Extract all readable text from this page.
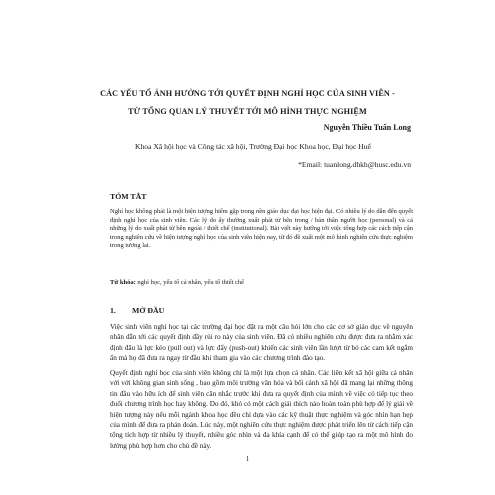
CÁC YẾU TỐ ẢNH HƯỞNG TỚI QUYẾT ĐỊNH NGHỈ HỌC CỦA SINH VIÊN -
TỪ TỔNG QUAN LÝ THUYẾT TỚI MÔ HÌNH THỰC NGHIỆM
Nguyễn Thiều Tuấn Long
Khoa Xã hội học và Công tác xã hội, Trường Đại học Khoa học, Đại học Huế
*Email: tuanlong.dhkh@husc.edu.vn
TÓM TẮT
Nghỉ học không phải là một hiện tượng hiếm gặp trong nền giáo dục đại học hiện đại. Có nhiều lý do dẫn đến quyết định nghỉ học của sinh viên. Các lý do ấy thường xuất phát từ bên trong / bản thân người học (personal) và cả những lý do xuất phát từ bên ngoài / thiết chế (institutional). Bài viết này hướng tới việc tổng hợp các cách tiếp cận trong nghiên cứu về hiện tượng nghỉ học của sinh viên hiện nay, từ đó đề xuất một mô hình nghiên cứu thực nghiệm trong tương lai.
Từ khóa: nghỉ học, yếu tố cá nhân, yếu tố thiết chế
1. MỞ ĐẦU
Việc sinh viên nghỉ học tại các trường đại học đặt ra một câu hỏi lớn cho các cơ sở giáo dục về nguyên nhân dẫn tới các quyết định đầy rủi ro này của sinh viên. Đã có nhiều nghiên cứu được đưa ra nhằm xác định đâu là lực kéo (pull out) và lực đẩy (push-out) khiến các sinh viên lần lượt từ bỏ các cam kết ngắm ấn mà họ đã đưa ra ngay từ đầu khi tham gia vào các chương trình đào tạo.
Quyết định nghỉ học của sinh viên không chỉ là một lựa chọn cá nhân. Các liên kết xã hội giữa cá nhân với với không gian sinh sống , bao gồm môi trường văn hóa và bối cảnh xã hội đã mang lại những thông tin đầu vào hữu ích để sinh viên cân nhắc trước khi đưa ra quyết định của mình về việc có tiếp tục theo đuổi chương trình học hay không. Do đó, khó có một cách giải thích nào hoàn toàn phù hợp để lý giải về hiện tượng này nếu mỗi ngành khoa học đều chỉ dựa vào các kỹ thuật thực nghiệm và góc nhìn hạn hẹp của mình để đưa ra phán đoán. Lúc này, một nghiên cứu thực nghiệm được phát triển lên từ cách tiếp cận tổng tích hợp từ nhiều lý thuyết, nhiều góc nhìn và đa khía cạnh để có thể giúp tạo ra một mô hình đo lường phù hợp hơn cho chủ đề này.
1
